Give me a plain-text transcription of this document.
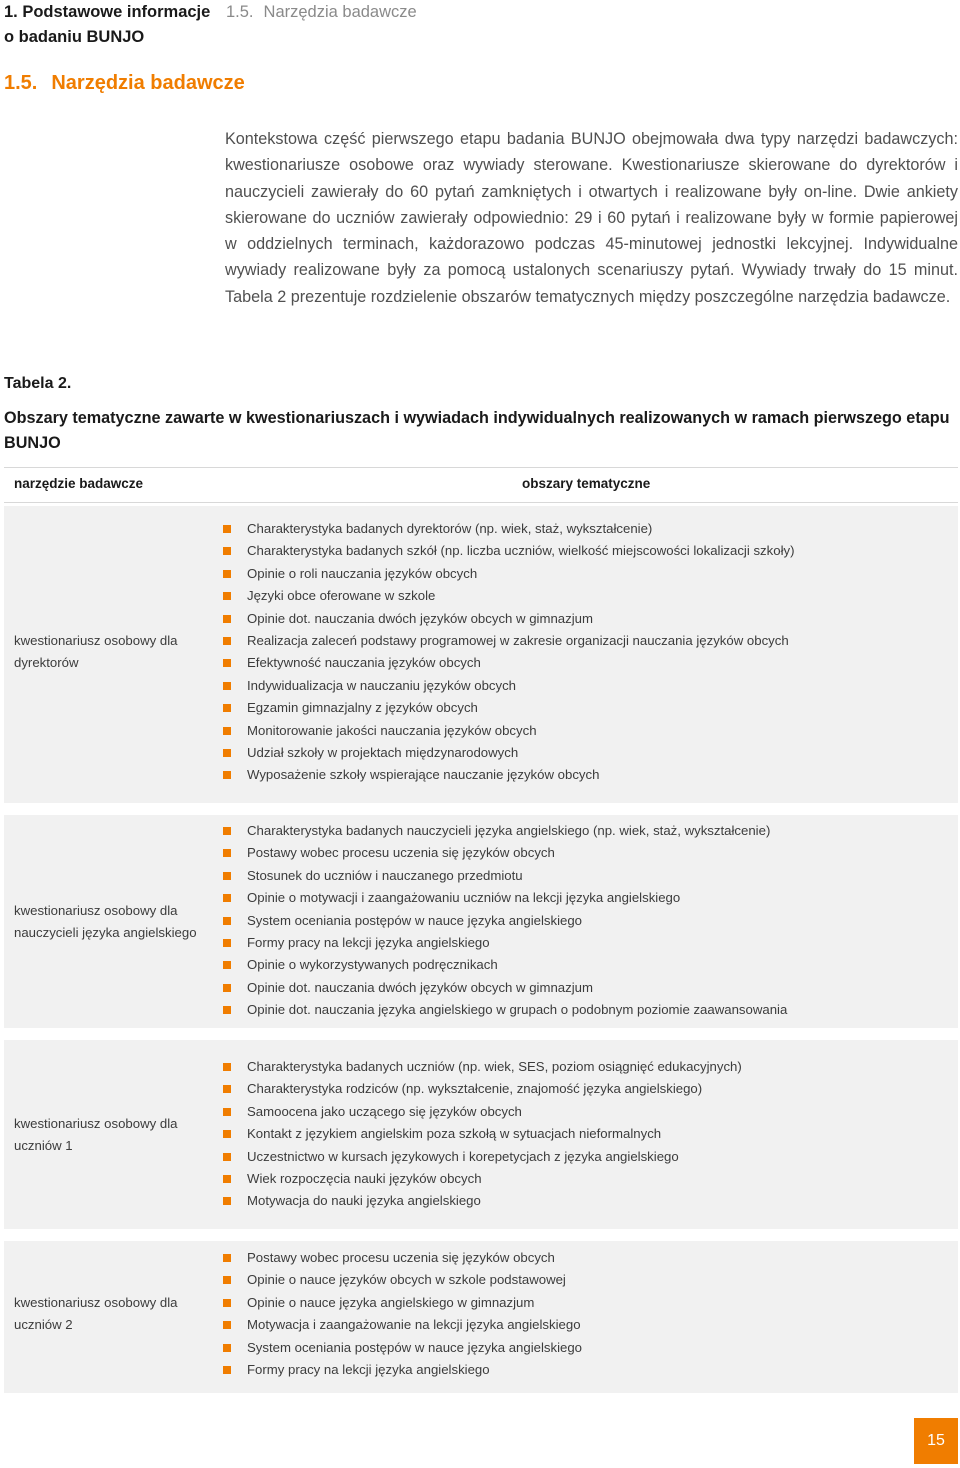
1. Podstawowe informacje
o badaniu BUNJO
1.5. Narzędzia badawcze
1.5. Narzędzia badawcze
Kontekstowa część pierwszego etapu badania BUNJO obejmowała dwa typy narzędzi badawczych: kwestionariusze osobowe oraz wywiady sterowane. Kwestionariusze skierowane do dyrektorów i nauczycieli zawierały do 60 pytań zamkniętych i otwartych i realizowane były on-line. Dwie ankiety skierowane do uczniów zawierały odpowiednio: 29 i 60 pytań i realizowane były w formie papierowej w oddzielnych terminach, każdorazowo podczas 45-minutowej jednostki lekcyjnej. Indywidualne wywiady realizowane były za pomocą ustalonych scenariuszy pytań. Wywiady trwały do 15 minut. Tabela 2 prezentuje rozdzielenie obszarów tematycznych między poszczególne narzędzia badawcze.
Tabela 2.
Obszary tematyczne zawarte w kwestionariuszach i wywiadach indywidualnych realizowanych w ramach pierwszego etapu BUNJO
narzędzie badawcze	obszary tematyczne
kwestionariusz osobowy dla
dyrektorów
Charakterystyka badanych dyrektorów (np. wiek, staż, wykształcenie)
Charakterystyka badanych szkół (np. liczba uczniów, wielkość miejscowości lokalizacji szkoły)
Opinie o roli nauczania języków obcych
Języki obce oferowane w szkole
Opinie dot. nauczania dwóch języków obcych w gimnazjum
Realizacja zaleceń podstawy programowej w zakresie organizacji nauczania języków obcych
Efektywność nauczania języków obcych
Indywidualizacja w nauczaniu języków obcych
Egzamin gimnazjalny z języków obcych
Monitorowanie jakości nauczania języków obcych
Udział szkoły w projektach międzynarodowych
Wyposażenie szkoły wspierające nauczanie języków obcych
kwestionariusz osobowy dla
nauczycieli języka angielskiego
Charakterystyka badanych nauczycieli języka angielskiego (np. wiek, staż, wykształcenie)
Postawy wobec procesu uczenia się języków obcych
Stosunek do uczniów i nauczanego przedmiotu
Opinie o motywacji i zaangażowaniu uczniów na lekcji języka angielskiego
System oceniania postępów w nauce języka angielskiego
Formy pracy na lekcji języka angielskiego
Opinie o wykorzystywanych podręcznikach
Opinie dot. nauczania dwóch języków obcych w gimnazjum
Opinie dot. nauczania języka angielskiego w grupach o podobnym poziomie zaawansowania
kwestionariusz osobowy dla
uczniów 1
Charakterystyka badanych uczniów (np. wiek, SES, poziom osiągnięć edukacyjnych)
Charakterystyka rodziców (np. wykształcenie, znajomość języka angielskiego)
Samoocena jako uczącego się języków obcych
Kontakt z językiem angielskim poza szkołą w sytuacjach nieformalnych
Uczestnictwo w kursach językowych i korepetycjach z języka angielskiego
Wiek rozpoczęcia nauki języków obcych
Motywacja do nauki języka angielskiego
kwestionariusz osobowy dla
uczniów 2
Postawy wobec procesu uczenia się języków obcych
Opinie o nauce języków obcych w szkole podstawowej
Opinie o nauce języka angielskiego w gimnazjum
Motywacja i zaangażowanie na lekcji języka angielskiego
System oceniania postępów w nauce języka angielskiego
Formy pracy na lekcji języka angielskiego
15
